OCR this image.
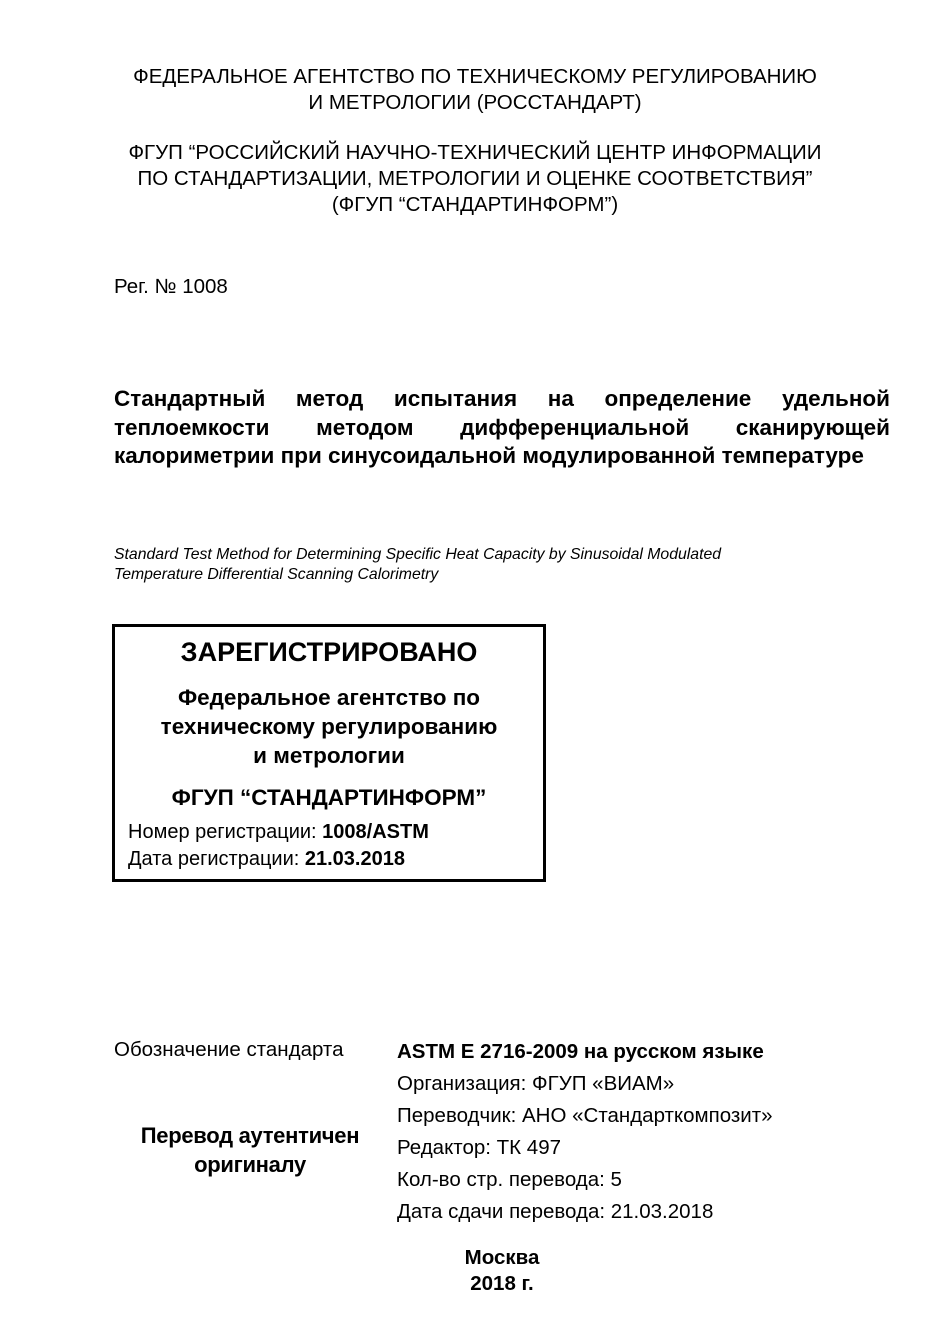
ФЕДЕРАЛЬНОЕ АГЕНТСТВО ПО ТЕХНИЧЕСКОМУ РЕГУЛИРОВАНИЮ
И МЕТРОЛОГИИ (РОССТАНДАРТ)
ФГУП “РОССИЙСКИЙ НАУЧНО-ТЕХНИЧЕСКИЙ ЦЕНТР ИНФОРМАЦИИ
ПО СТАНДАРТИЗАЦИИ, МЕТРОЛОГИИ И ОЦЕНКЕ СООТВЕТСТВИЯ”
(ФГУП “СТАНДАРТИНФОРМ”)
Рег. № 1008
Стандартный метод испытания на определение удельной теплоемкости методом дифференциальной сканирующей калориметрии при синусоидальной модулированной температуре
Standard Test Method for Determining Specific Heat Capacity by Sinusoidal Modulated
Temperature Differential Scanning Calorimetry
ЗАРЕГИСТРИРОВАНО
Федеральное агентство по
техническому регулированию
и метрологии
ФГУП “СТАНДАРТИНФОРМ”
Номер регистрации: 1008/ASTM
Дата регистрации: 21.03.2018
Обозначение стандарта	ASTM E 2716-2009 на русском языке
Перевод аутентичен
оригиналу
Организация: ФГУП «ВИАМ»
Переводчик: АНО «Стандарткомпозит»
Редактор: ТК 497
Кол-во стр. перевода: 5
Дата сдачи перевода: 21.03.2018
Москва
2018 г.
